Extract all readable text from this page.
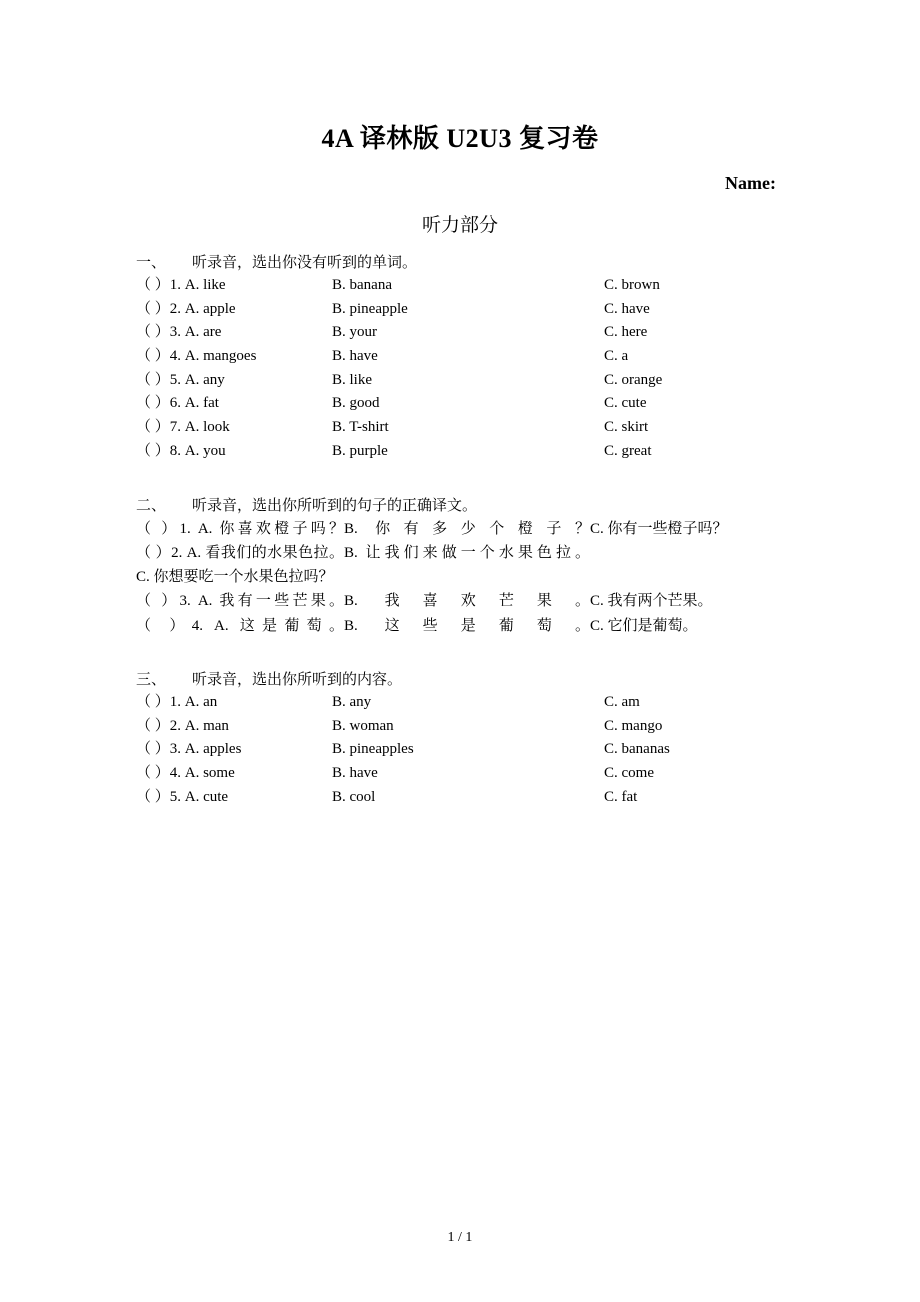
4A 译林版 U2U3 复习卷
Name:
听力部分
一、 听录音，选出你没有听到的单词。

（ ）1. A. like	B. banana	C. brown

（ ）2. A. apple	B. pineapple	C. have

（ ）3. A. are	B. your	C. here

（ ）4. A. mangoes	B. have	C. a

（ ）5. A. any	B. like	C. orange

（ ）6. A. fat	B. good	C. cute

（ ）7. A. look	B. T-shirt	C. skirt

（ ）8. A. you	B. purple	C. great

二、 听录音，选出你所听到的句子的正确译文。

（ ）1. A. 你喜欢橙子吗？B. 你有多少个橙子？C. 你有一些橙子吗？

（ ）2. A. 看我们的水果色拉。B. 让我们来做一个水果色拉。C. 你想要吃一个水果色拉吗？

（ ）3. A. 我有一些芒果。B. 我喜欢芒果。C. 我有两个芒果。

（ ）4. A. 这是葡萄。B. 这些是葡萄。C. 它们是葡萄。

三、 听录音，选出你所听到的内容。

（ ）1. A. an	B. any	C. am

（ ）2. A. man	B. woman	C. mango

（ ）3. A. apples	B. pineapples	C. bananas

（ ）4. A. some	B. have	C. come

（ ）5. A. cute	B. cool	C. fat

1 / 1
